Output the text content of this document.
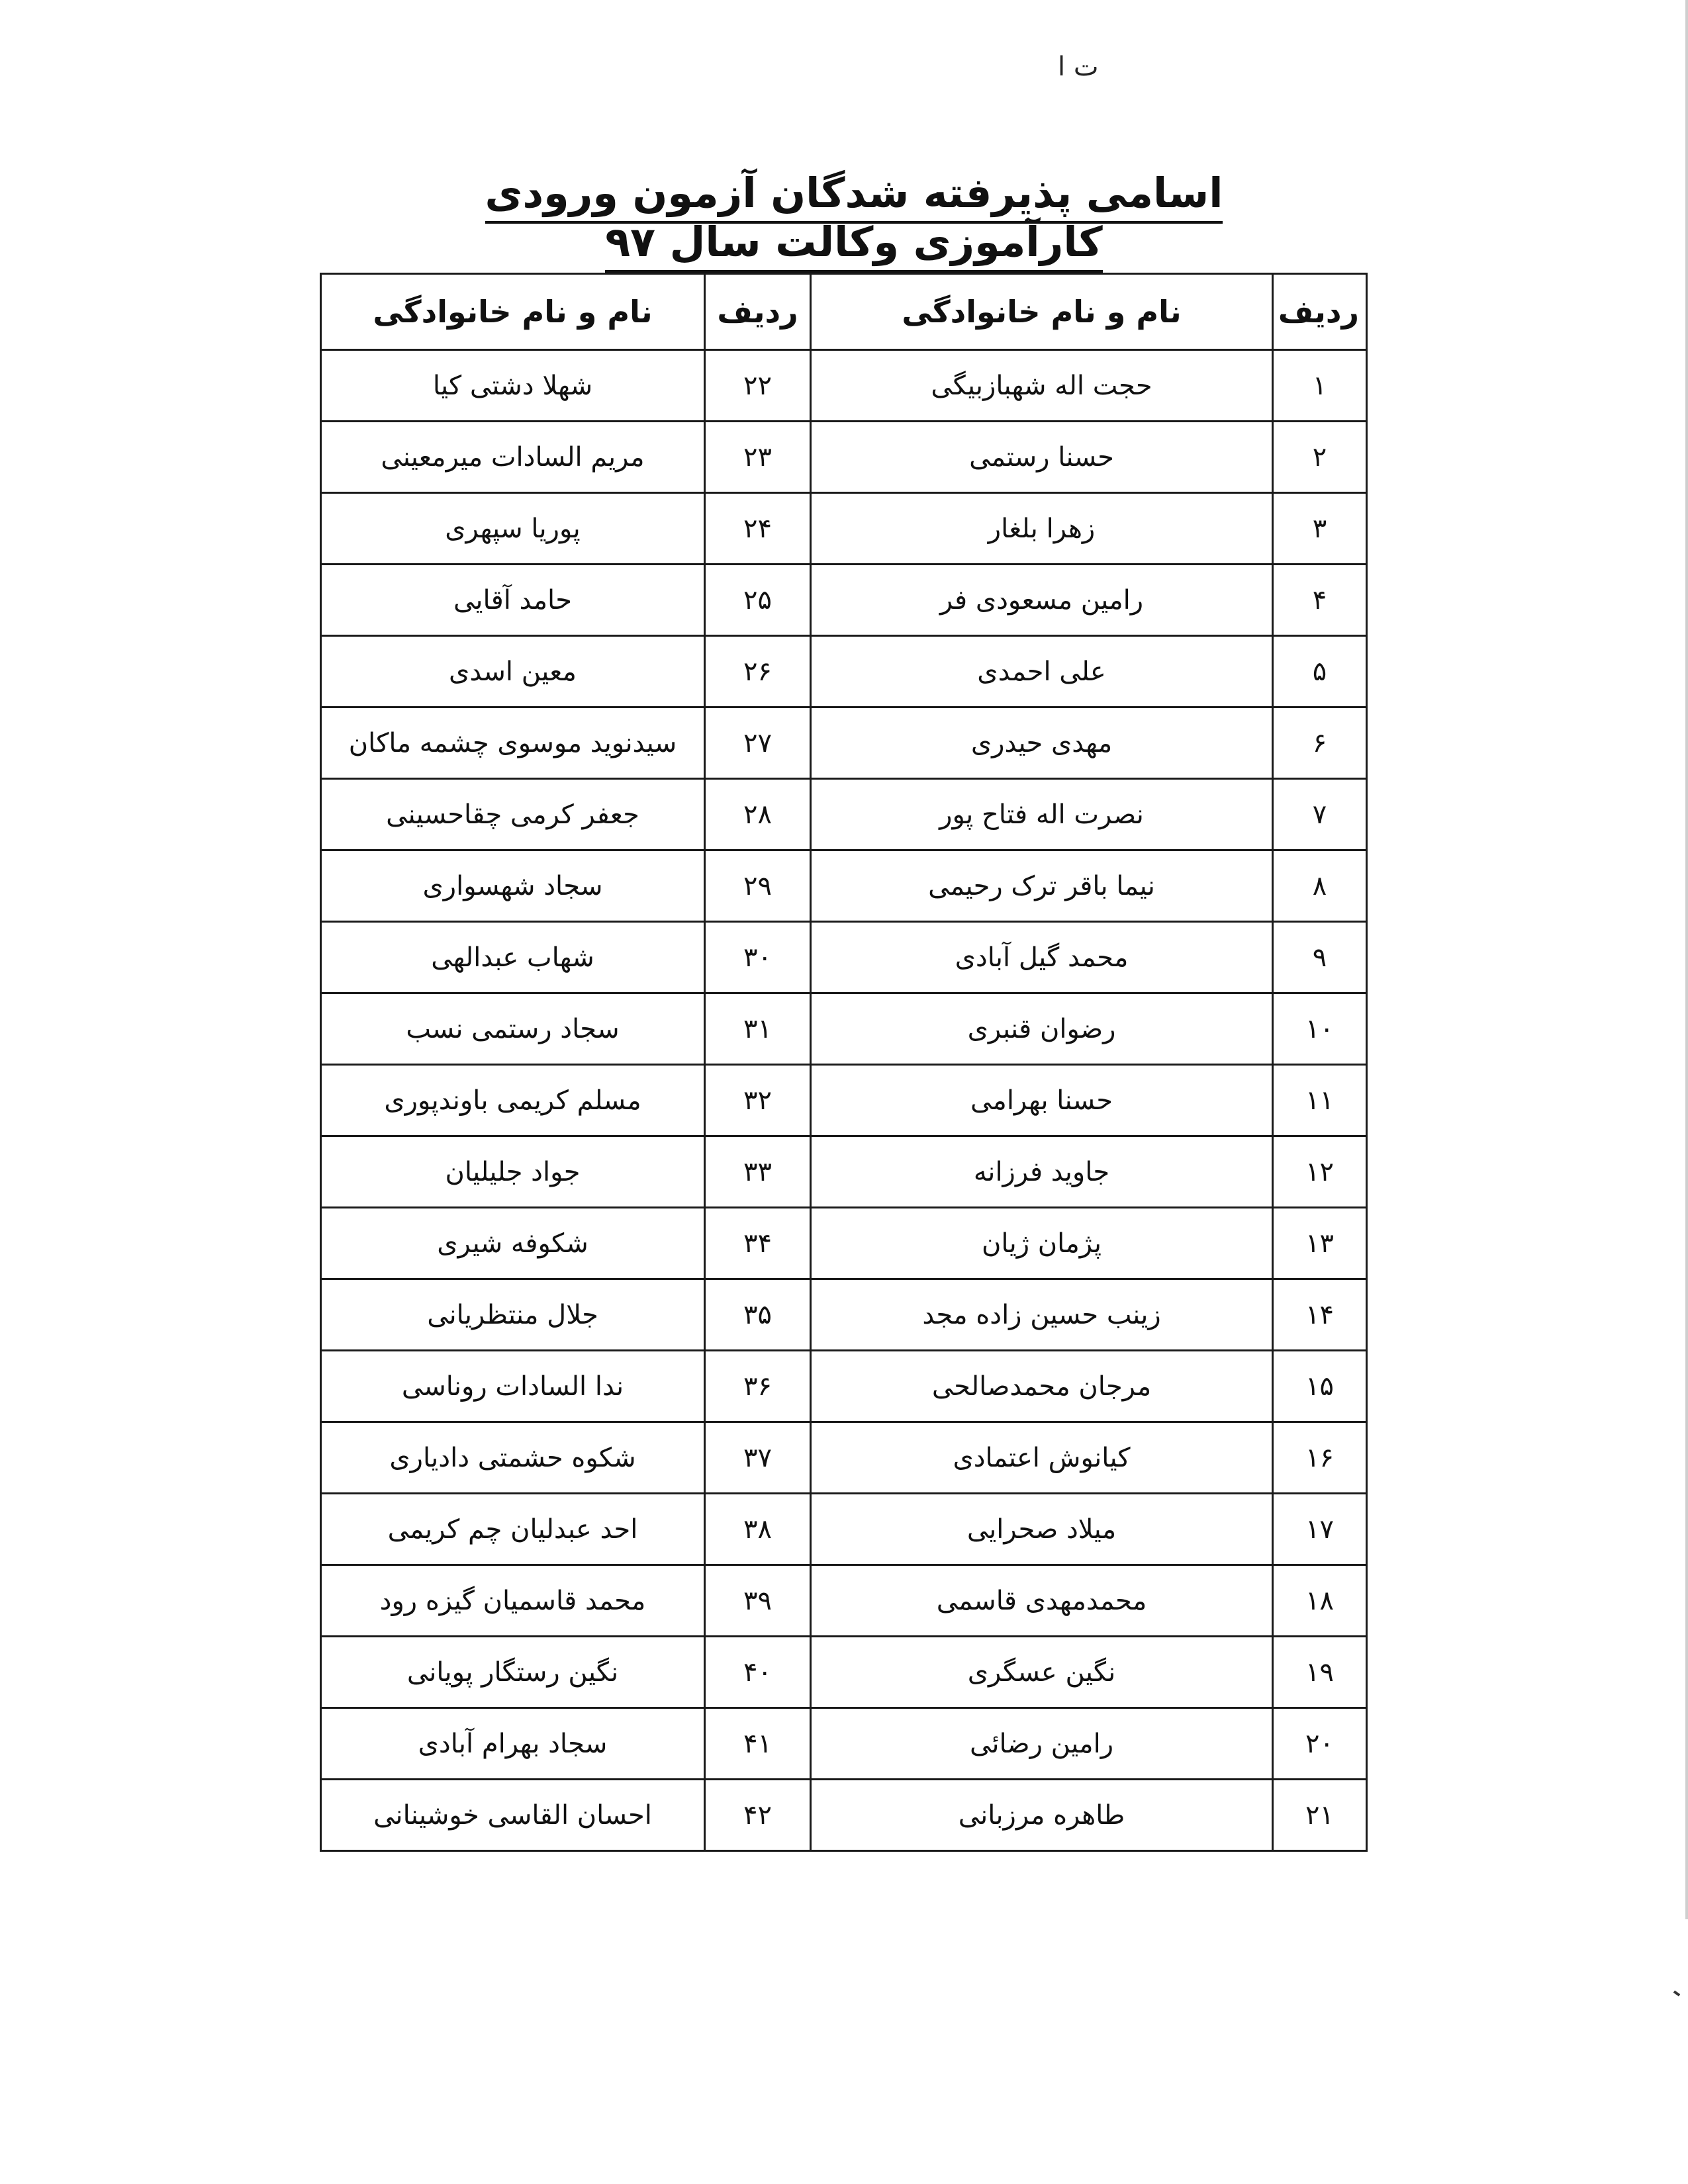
ت ا
اسامی پذیرفته شدگان آزمون ورودی کارآموزی وکالت سال ۹۷
ردیف	نام و نام خانوادگی	ردیف	نام و نام خانوادگی
۱	حجت اله شهبازبیگی	۲۲	شهلا دشتی کیا
۲	حسنا رستمی	۲۳	مریم السادات میرمعینی
۳	زهرا بلغار	۲۴	پوریا سپهری
۴	رامین مسعودی فر	۲۵	حامد آقایی
۵	علی احمدی	۲۶	معین اسدی
۶	مهدی حیدری	۲۷	سیدنوید موسوی چشمه ماکان
۷	نصرت اله فتاح پور	۲۸	جعفر کرمی چقاحسینی
۸	نیما باقر ترک رحیمی	۲۹	سجاد شهسواری
۹	محمد گیل آبادی	۳۰	شهاب عبدالهی
۱۰	رضوان قنبری	۳۱	سجاد رستمی نسب
۱۱	حسنا بهرامی	۳۲	مسلم کریمی باوندپوری
۱۲	جاوید فرزانه	۳۳	جواد جلیلیان
۱۳	پژمان ژیان	۳۴	شکوفه شیری
۱۴	زینب حسین زاده مجد	۳۵	جلال منتظریانی
۱۵	مرجان محمدصالحی	۳۶	ندا السادات روناسی
۱۶	کیانوش اعتمادی	۳۷	شکوه حشمتی دادیاری
۱۷	میلاد صحرایی	۳۸	احد عبدلیان چم کریمی
۱۸	محمدمهدی قاسمی	۳۹	محمد قاسمیان گیزه رود
۱۹	نگین عسگری	۴۰	نگین رستگار پویانی
۲۰	رامین رضائی	۴۱	سجاد بهرام آبادی
۲۱	طاهره مرزبانی	۴۲	احسان القاسی خوشینانی
